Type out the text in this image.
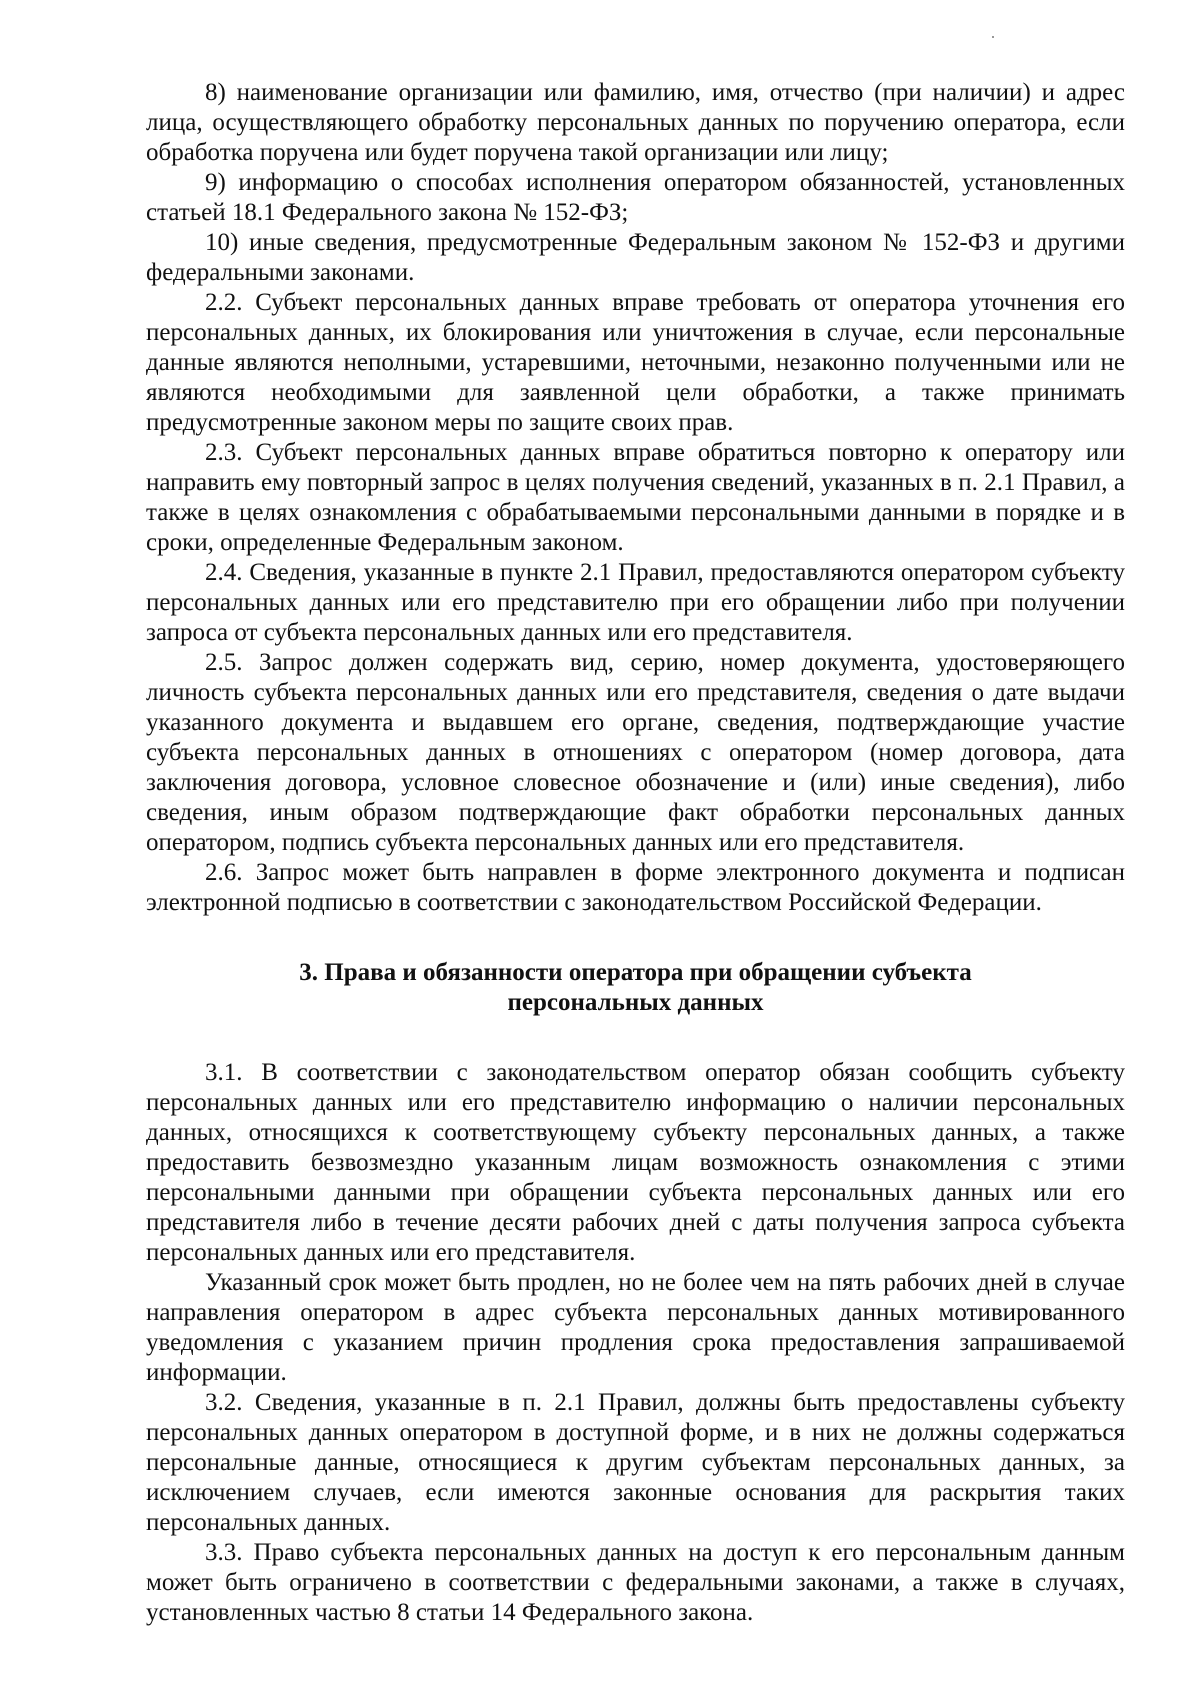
8) наименование организации или фамилию, имя, отчество (при наличии) и адрес лица, осуществляющего обработку персональных данных по поручению оператора, если обработка поручена или будет поручена такой организации или лицу;

9) информацию о способах исполнения оператором обязанностей, установленных статьей 18.1 Федерального закона № 152-ФЗ;

10) иные сведения, предусмотренные Федеральным законом № 152-ФЗ и другими федеральными законами.

2.2. Субъект персональных данных вправе требовать от оператора уточнения его персональных данных, их блокирования или уничтожения в случае, если персональные данные являются неполными, устаревшими, неточными, незаконно полученными или не являются необходимыми для заявленной цели обработки, а также принимать предусмотренные законом меры по защите своих прав.

2.3. Субъект персональных данных вправе обратиться повторно к оператору или направить ему повторный запрос в целях получения сведений, указанных в п. 2.1 Правил, а также в целях ознакомления с обрабатываемыми персональными данными в порядке и в сроки, определенные Федеральным законом.

2.4. Сведения, указанные в пункте 2.1 Правил, предоставляются оператором субъекту персональных данных или его представителю при его обращении либо при получении запроса от субъекта персональных данных или его представителя.

2.5. Запрос должен содержать вид, серию, номер документа, удостоверяющего личность субъекта персональных данных или его представителя, сведения о дате выдачи указанного документа и выдавшем его органе, сведения, подтверждающие участие субъекта персональных данных в отношениях с оператором (номер договора, дата заключения договора, условное словесное обозначение и (или) иные сведения), либо сведения, иным образом подтверждающие факт обработки персональных данных оператором, подпись субъекта персональных данных или его представителя.

2.6. Запрос может быть направлен в форме электронного документа и подписан электронной подписью в соответствии с законодательством Российской Федерации.

3. Права и обязанности оператора при обращении субъекта
персональных данных

3.1. В соответствии с законодательством оператор обязан сообщить субъекту персональных данных или его представителю информацию о наличии персональных данных, относящихся к соответствующему субъекту персональных данных, а также предоставить безвозмездно указанным лицам возможность ознакомления с этими персональными данными при обращении субъекта персональных данных или его представителя либо в течение десяти рабочих дней с даты получения запроса субъекта персональных данных или его представителя.

Указанный срок может быть продлен, но не более чем на пять рабочих дней в случае направления оператором в адрес субъекта персональных данных мотивированного уведомления с указанием причин продления срока предоставления запрашиваемой информации.

3.2. Сведения, указанные в п. 2.1 Правил, должны быть предоставлены субъекту персональных данных оператором в доступной форме, и в них не должны содержаться персональные данные, относящиеся к другим субъектам персональных данных, за исключением случаев, если имеются законные основания для раскрытия таких персональных данных.

3.3. Право субъекта персональных данных на доступ к его персональным данным может быть ограничено в соответствии с федеральными законами, а также в случаях, установленных частью 8 статьи 14 Федерального закона.
